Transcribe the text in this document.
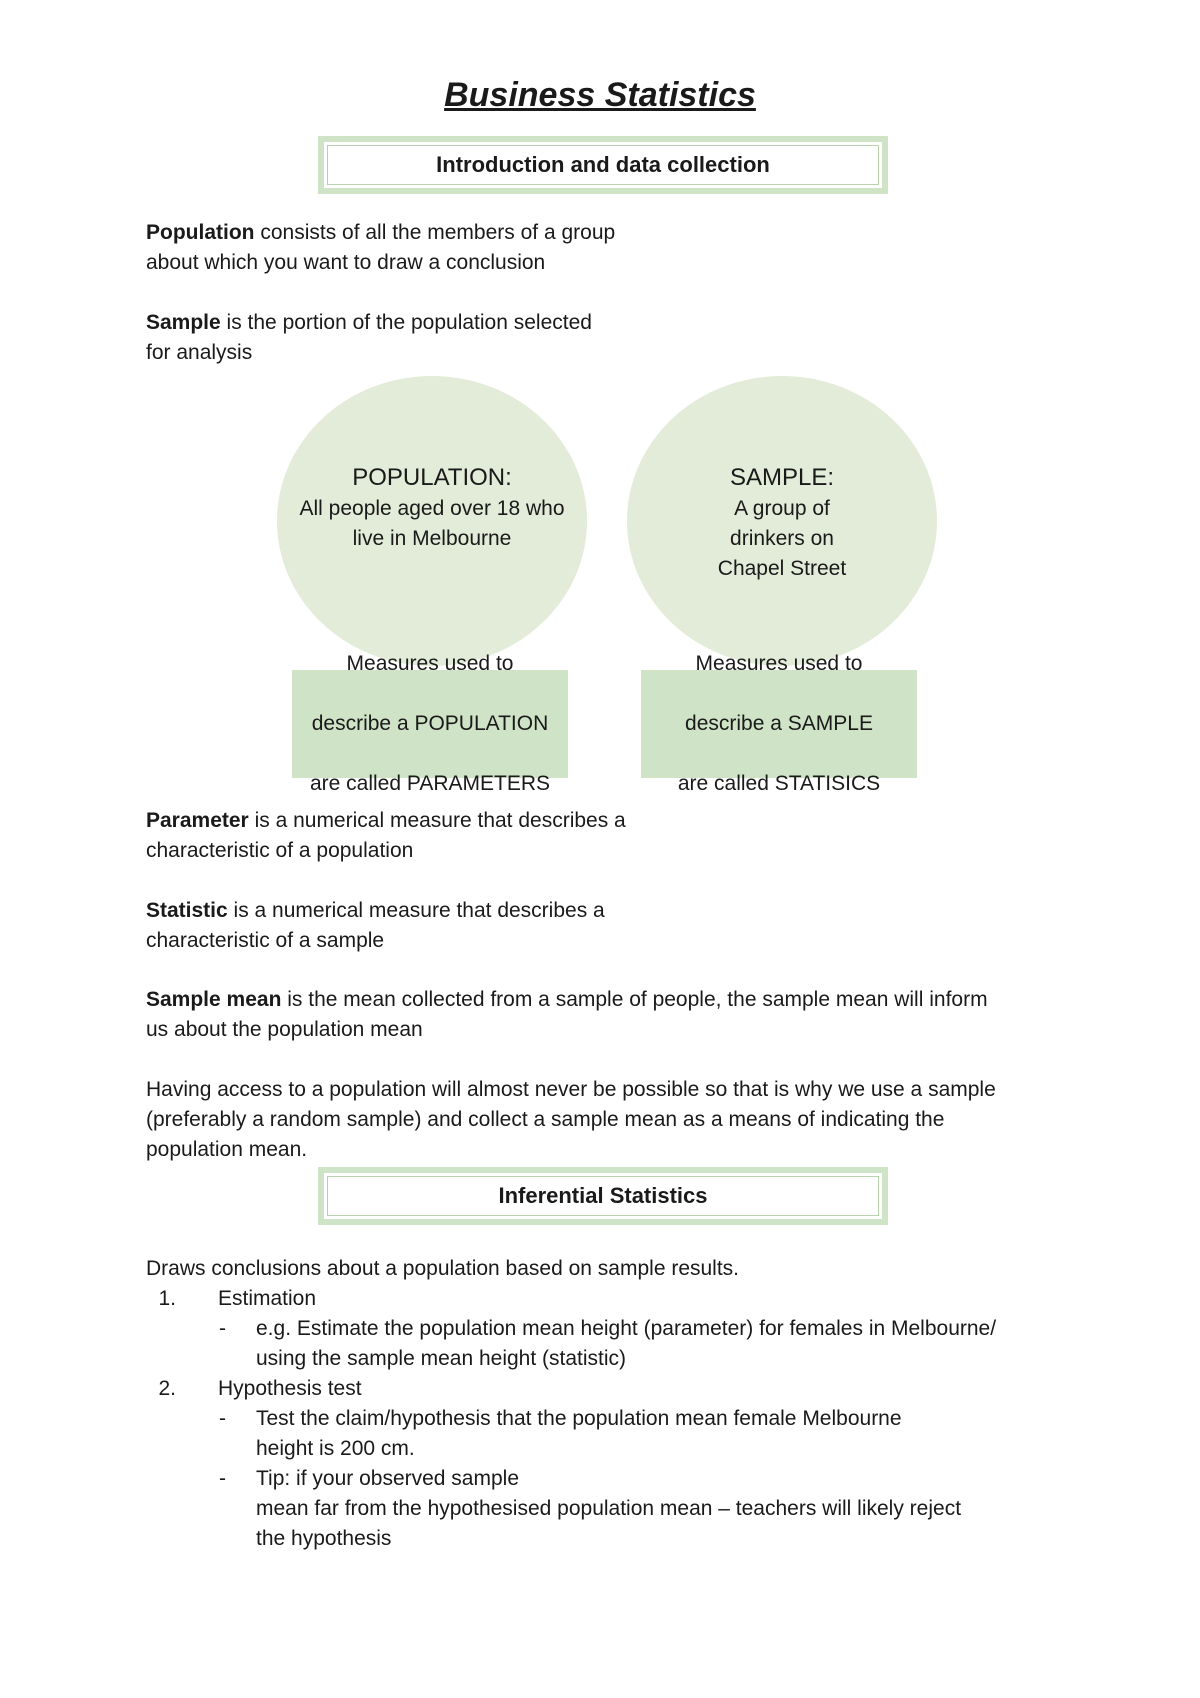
Business Statistics
Introduction and data collection

Population consists of all the members of a group
about which you want to draw a conclusion

Sample is the portion of the population selected
for analysis

POPULATION:
All people aged over 18 who
live in Melbourne
SAMPLE:
A group of
drinkers on
Chapel Street
Measures used to

describe a POPULATION

are called PARAMETERS
Measures used to

describe a SAMPLE

are called STATISICS

Parameter is a numerical measure that describes a
characteristic of a population

Statistic is a numerical measure that describes a
characteristic of a sample

Sample mean is the mean collected from a sample of people, the sample mean will inform
us about the population mean

Having access to a population will almost never be possible so that is why we use a sample
(preferably a random sample) and collect a sample mean as a means of indicating the
population mean.

Inferential Statistics

Draws conclusions about a population based on sample results.

1. Estimation
- e.g. Estimate the population mean height (parameter) for females in Melbourne/
using the sample mean height (statistic)
2. Hypothesis test
- Test the claim/hypothesis that the population mean female Melbourne
height is 200 cm.
- Tip: if your observed sample
mean far from the hypothesised population mean – teachers will likely reject
the hypothesis
